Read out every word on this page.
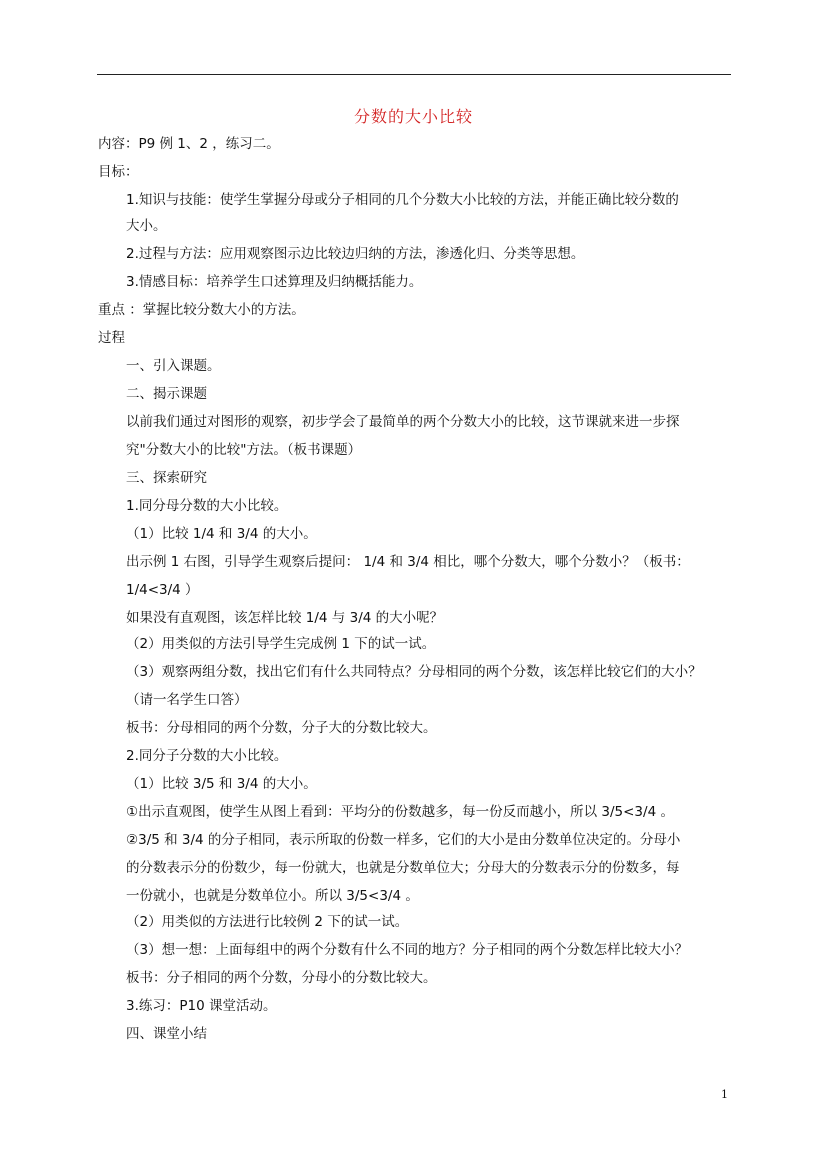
分数的大小比较
内容：P9 例 1、2 ，练习二。
目标：
1.知识与技能：使学生掌握分母或分子相同的几个分数大小比较的方法，并能正确比较分数的
大小。
2.过程与方法：应用观察图示边比较边归纳的方法，渗透化归、分类等思想。
3.情感目标：培养学生口述算理及归纳概括能力。
重点 ：掌握比较分数大小的方法。
过程
一、引入课题。
二、揭示课题
以前我们通过对图形的观察，初步学会了最简单的两个分数大小的比较，这节课就来进一步探
究"分数大小的比较"方法。（板书课题）
三、探索研究
1.同分母分数的大小比较。
（1）比较 1/4 和 3/4 的大小。
出示例 1 右图，引导学生观察后提问： 1/4 和 3/4 相比，哪个分数大，哪个分数小？（板书：
1/4<3/4 ）
如果没有直观图，该怎样比较 1/4 与 3/4 的大小呢？
（2）用类似的方法引导学生完成例 1 下的试一试。
（3）观察两组分数，找出它们有什么共同特点？分母相同的两个分数，该怎样比较它们的大小？
（请一名学生口答）
板书：分母相同的两个分数，分子大的分数比较大。
2.同分子分数的大小比较。
（1）比较 3/5 和 3/4 的大小。
①出示直观图，使学生从图上看到：平均分的份数越多，每一份反而越小，所以 3/5<3/4 。
②3/5 和 3/4 的分子相同，表示所取的份数一样多，它们的大小是由分数单位决定的。分母小
的分数表示分的份数少，每一份就大，也就是分数单位大；分母大的分数表示分的份数多，每
一份就小，也就是分数单位小。所以 3/5<3/4 。
（2）用类似的方法进行比较例 2 下的试一试。
（3）想一想：上面每组中的两个分数有什么不同的地方？分子相同的两个分数怎样比较大小？
板书：分子相同的两个分数，分母小的分数比较大。
3.练习：P10 课堂活动。
四、课堂小结
1
